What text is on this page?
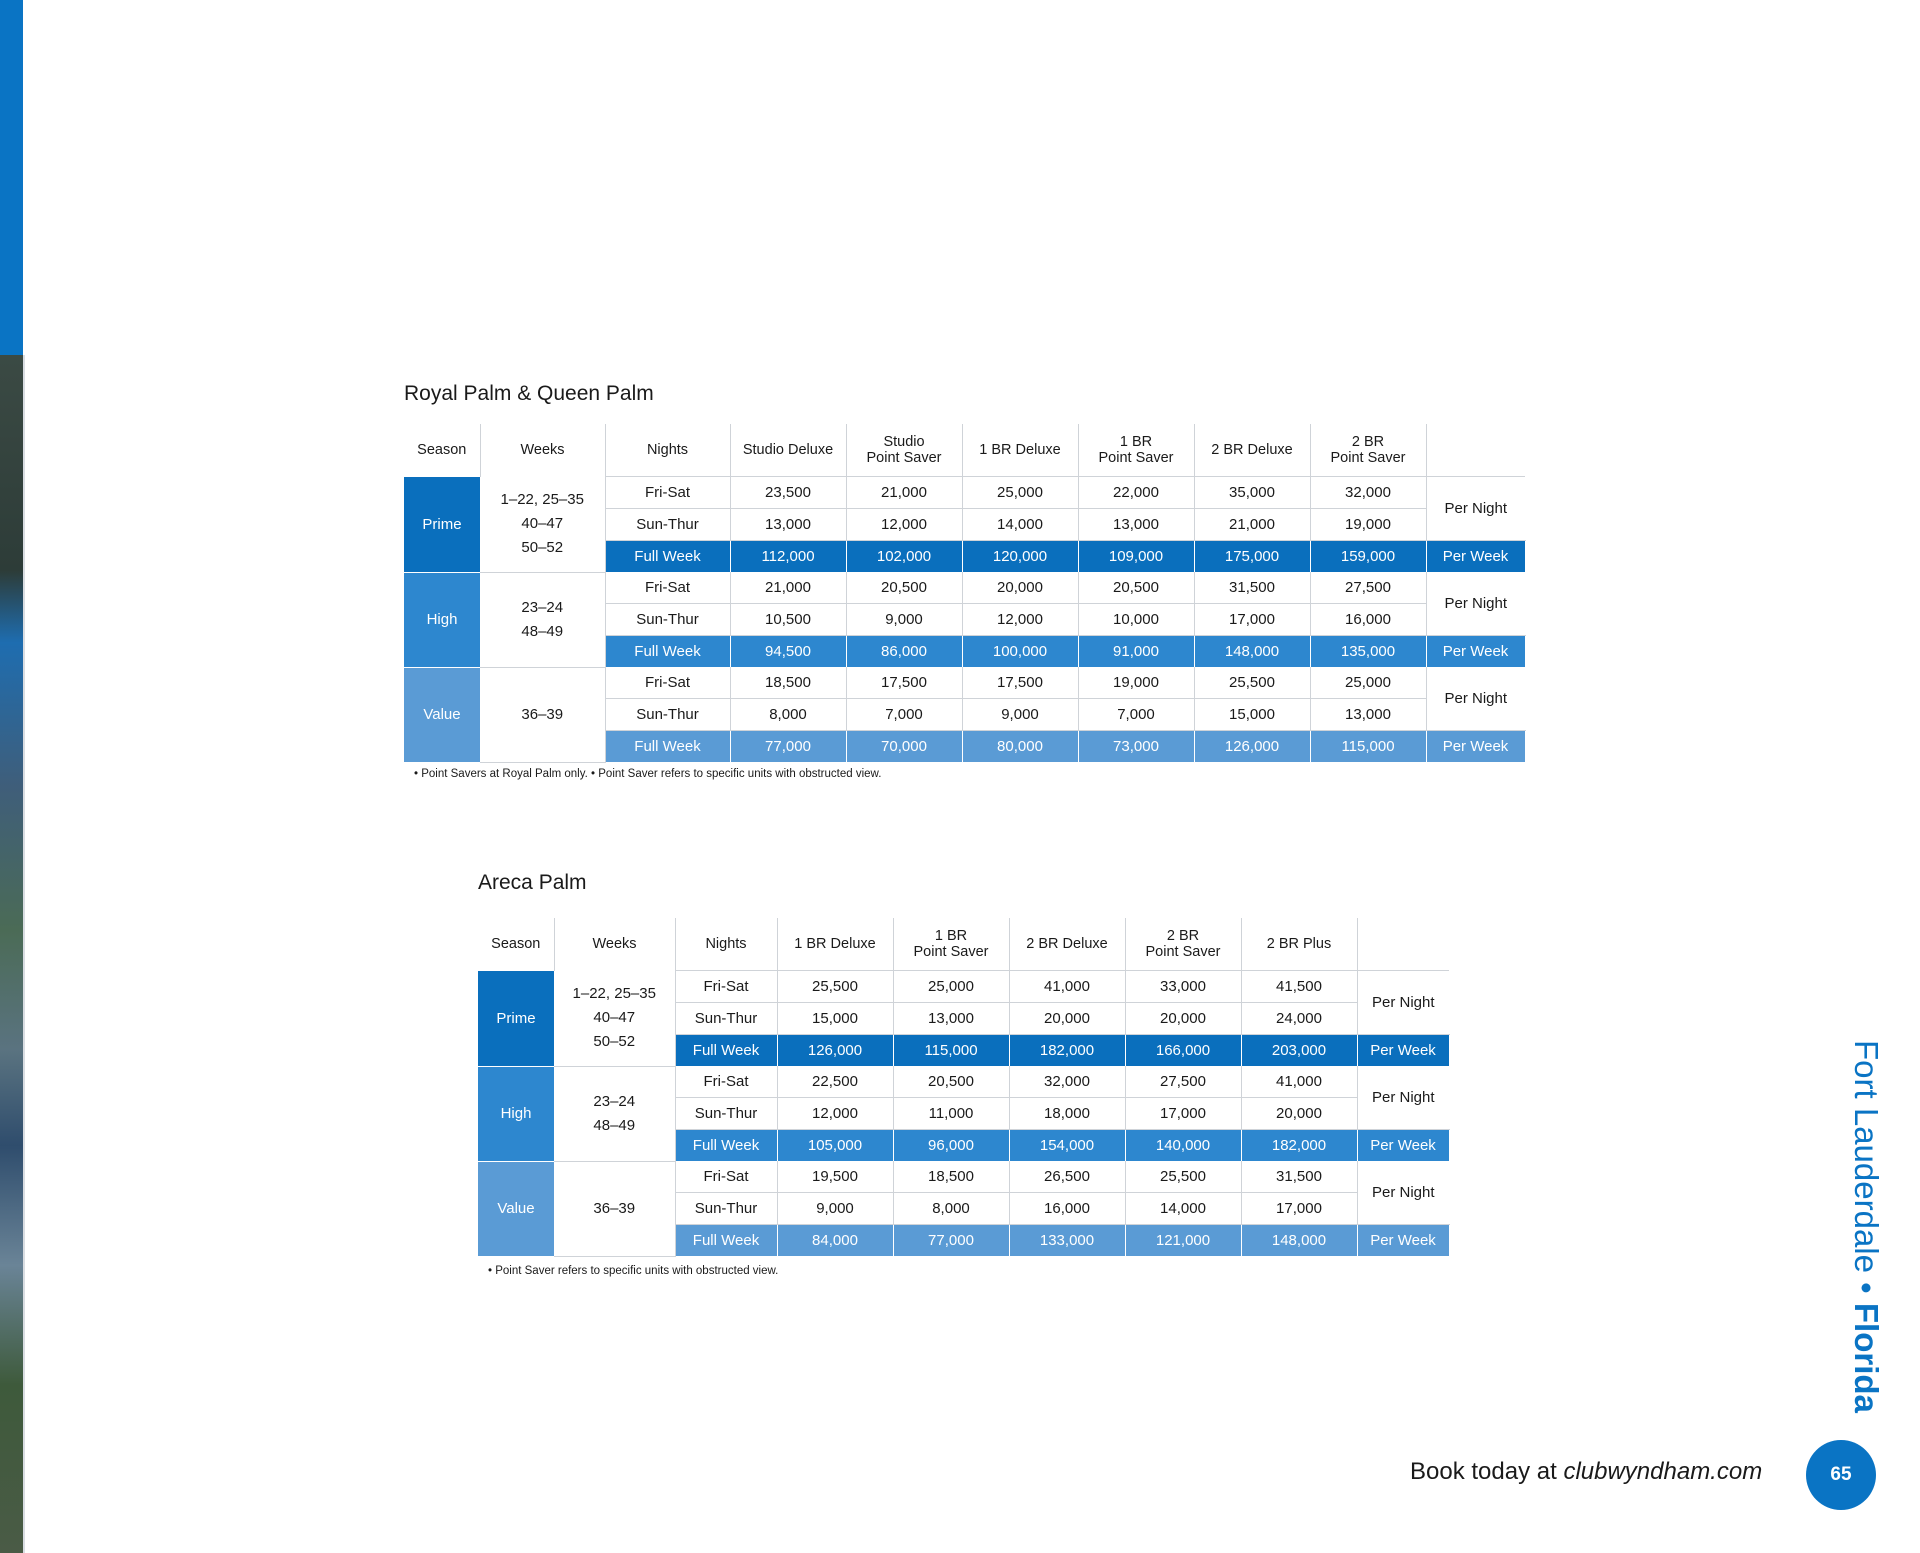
Royal Palm & Queen Palm
Season	Weeks	Nights	Studio Deluxe	Studio
Point Saver	1 BR Deluxe	1 BR
Point Saver	2 BR Deluxe	2 BR
Point Saver	
Prime	1–22, 25–35
40–47
50–52	Fri-Sat	23,500	21,000	25,000	22,000	35,000	32,000	Per Night
		Sun-Thur	13,000	12,000	14,000	13,000	21,000	19,000	
		Full Week	112,000	102,000	120,000	109,000	175,000	159,000	Per Week
High	23–24
48–49	Fri-Sat	21,000	20,500	20,000	20,500	31,500	27,500	Per Night
		Sun-Thur	10,500	9,000	12,000	10,000	17,000	16,000	
		Full Week	94,500	86,000	100,000	91,000	148,000	135,000	Per Week
Value	36–39	Fri-Sat	18,500	17,500	17,500	19,000	25,500	25,000	Per Night
		Sun-Thur	8,000	7,000	9,000	7,000	15,000	13,000	
		Full Week	77,000	70,000	80,000	73,000	126,000	115,000	Per Week
• Point Savers at Royal Palm only. • Point Saver refers to specific units with obstructed view.
Areca Palm
Season	Weeks	Nights	1 BR Deluxe	1 BR
Point Saver	2 BR Deluxe	2 BR
Point Saver	2 BR Plus	
Prime	1–22, 25–35
40–47
50–52	Fri-Sat	25,500	25,000	41,000	33,000	41,500	Per Night
		Sun-Thur	15,000	13,000	20,000	20,000	24,000	
		Full Week	126,000	115,000	182,000	166,000	203,000	Per Week
High	23–24
48–49	Fri-Sat	22,500	20,500	32,000	27,500	41,000	Per Night
		Sun-Thur	12,000	11,000	18,000	17,000	20,000	
		Full Week	105,000	96,000	154,000	140,000	182,000	Per Week
Value	36–39	Fri-Sat	19,500	18,500	26,500	25,500	31,500	Per Night
		Sun-Thur	9,000	8,000	16,000	14,000	17,000	
		Full Week	84,000	77,000	133,000	121,000	148,000	Per Week
• Point Saver refers to specific units with obstructed view.	Fort Lauderdale • Florida
Book today at clubwyndham.com	65
